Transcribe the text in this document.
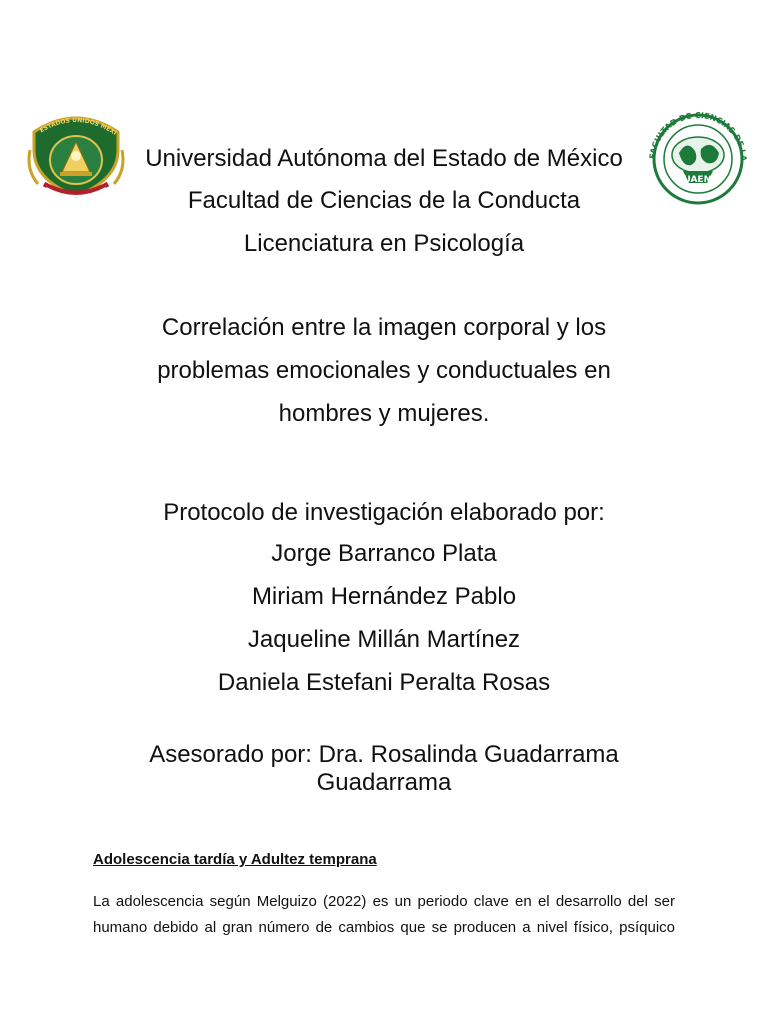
ESTADOS UNIDOS MEXI
FACULTAD DE CIENCIAS DE LA
UAEM
Universidad Autónoma del Estado de México
Facultad de Ciencias de la Conducta
Licenciatura en Psicología
Correlación entre la imagen corporal y los
problemas emocionales y conductuales en
hombres y mujeres.
Protocolo de investigación elaborado por:
Jorge Barranco Plata
Miriam Hernández Pablo
Jaqueline Millán Martínez
Daniela Estefani Peralta Rosas
Asesorado por: Dra. Rosalinda Guadarrama
Guadarrama
Adolescencia tardía y Adultez temprana
La adolescencia según Melguizo (2022) es un periodo clave en el desarrollo del ser
humano debido al gran número de cambios que se producen a nivel físico, psíquico
